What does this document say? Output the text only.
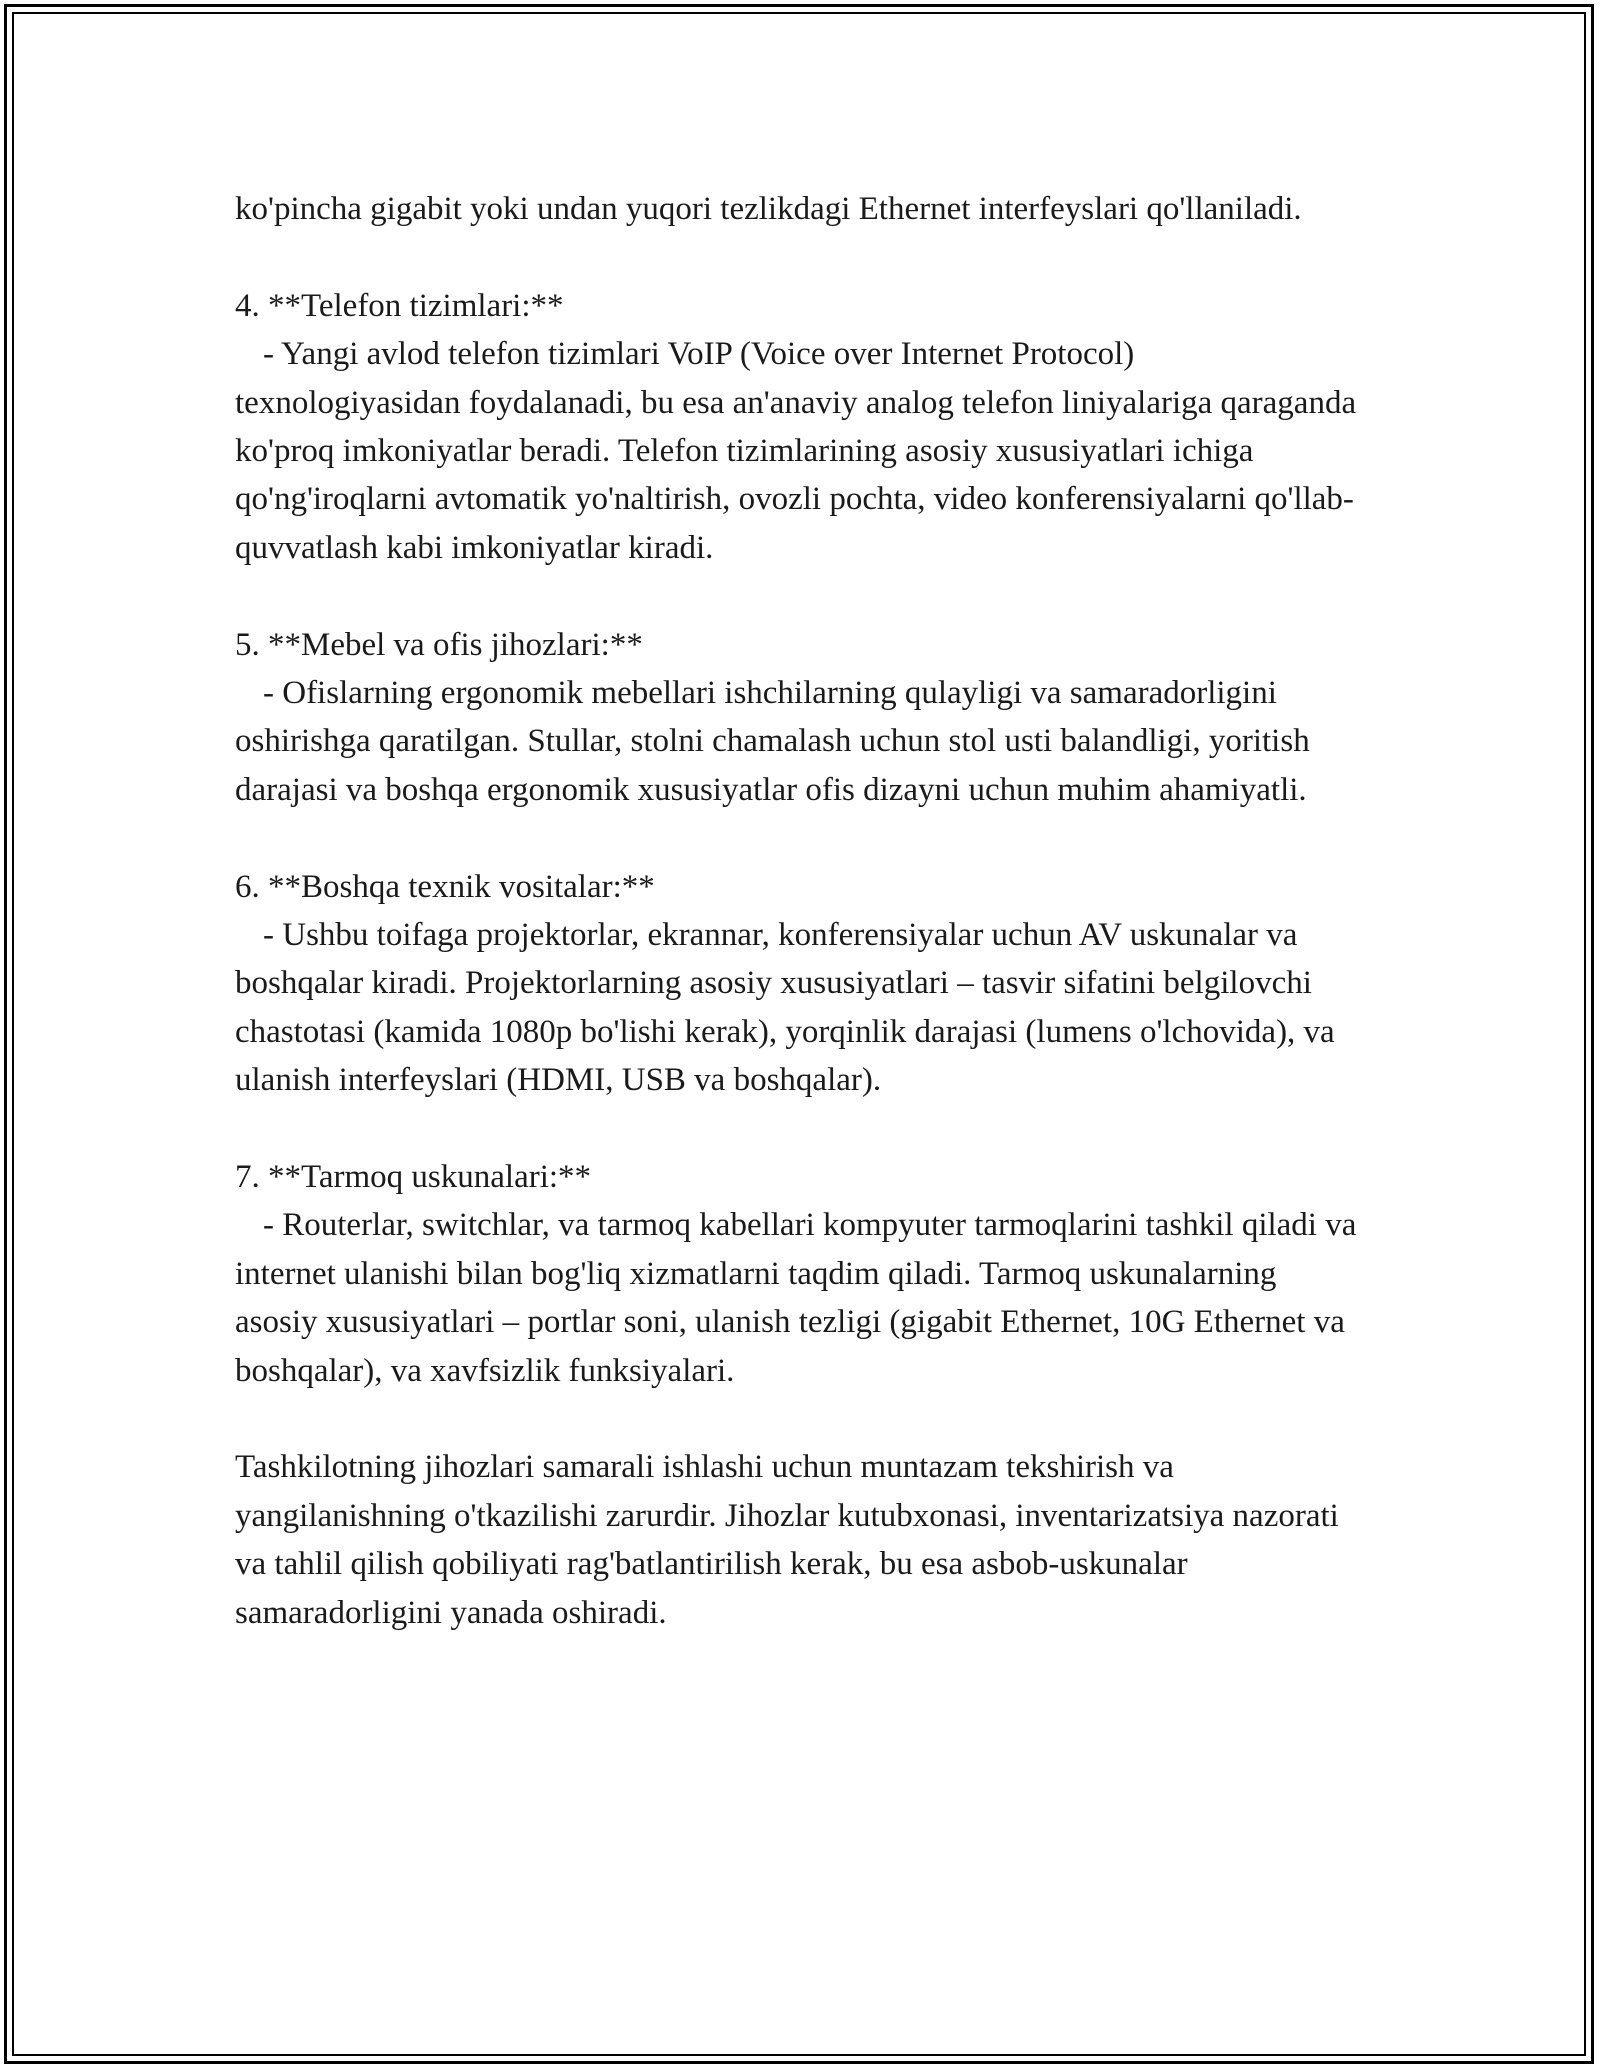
ko'pincha gigabit yoki undan yuqori tezlikdagi Ethernet interfeyslari qo'llaniladi.

4. **Telefon tizimlari:**
- Yangi avlod telefon tizimlari VoIP (Voice over Internet Protocol) texnologiyasidan foydalanadi, bu esa an'anaviy analog telefon liniyalariga qaraganda ko'proq imkoniyatlar beradi. Telefon tizimlarining asosiy xususiyatlari ichiga qo'ng'iroqlarni avtomatik yo'naltirish, ovozli pochta, video konferensiyalarni qo'llab-quvvatlash kabi imkoniyatlar kiradi.
5. **Mebel va ofis jihozlari:**
- Ofislarning ergonomik mebellari ishchilarning qulayligi va samaradorligini oshirishga qaratilgan. Stullar, stolni chamalash uchun stol usti balandligi, yoritish darajasi va boshqa ergonomik xususiyatlar ofis dizayni uchun muhim ahamiyatli.
6. **Boshqa texnik vositalar:**
- Ushbu toifaga projektorlar, ekrannar, konferensiyalar uchun AV uskunalar va boshqalar kiradi. Projektorlarning asosiy xususiyatlari – tasvir sifatini belgilovchi chastotasi (kamida 1080p bo'lishi kerak), yorqinlik darajasi (lumens o'lchovida), va ulanish interfeyslari (HDMI, USB va boshqalar).
7. **Tarmoq uskunalari:**
- Routerlar, switchlar, va tarmoq kabellari kompyuter tarmoqlarini tashkil qiladi va internet ulanishi bilan bog'liq xizmatlarni taqdim qiladi. Tarmoq uskunalarning asosiy xususiyatlari – portlar soni, ulanish tezligi (gigabit Ethernet, 10G Ethernet va boshqalar), va xavfsizlik funksiyalari.

Tashkilotning jihozlari samarali ishlashi uchun muntazam tekshirish va yangilanishning o'tkazilishi zarurdir. Jihozlar kutubxonasi, inventarizatsiya nazorati va tahlil qilish qobiliyati rag'batlantirilish kerak, bu esa asbob-uskunalar samaradorligini yanada oshiradi.
